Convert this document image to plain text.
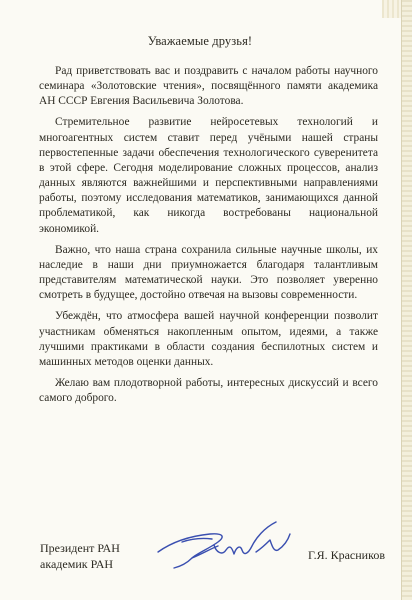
Уважаемые друзья!

Рад приветствовать вас и поздравить с началом работы научного семинара «Золотовские чтения», посвящённого памяти академика АН СССР Евгения Васильевича Золотова.

Стремительное развитие нейросетевых технологий и многоагентных систем ставит перед учёными нашей страны первостепенные задачи обеспечения технологического суверенитета в этой сфере. Сегодня моделирование сложных процессов, анализ данных являются важнейшими и перспективными направлениями работы, поэтому исследования математиков, занимающихся данной проблематикой, как никогда востребованы национальной экономикой.

Важно, что наша страна сохранила сильные научные школы, их наследие в наши дни приумножается благодаря талантливым представителям математической науки. Это позволяет уверенно смотреть в будущее, достойно отвечая на вызовы современности.

Убеждён, что атмосфера вашей научной конференции позволит участникам обменяться накопленным опытом, идеями, а также лучшими практиками в области создания беспилотных систем и машинных методов оценки данных.

Желаю вам плодотворной работы, интересных дискуссий и всего самого доброго.

Президент РАН
академик РАН
Г.Я. Красников
